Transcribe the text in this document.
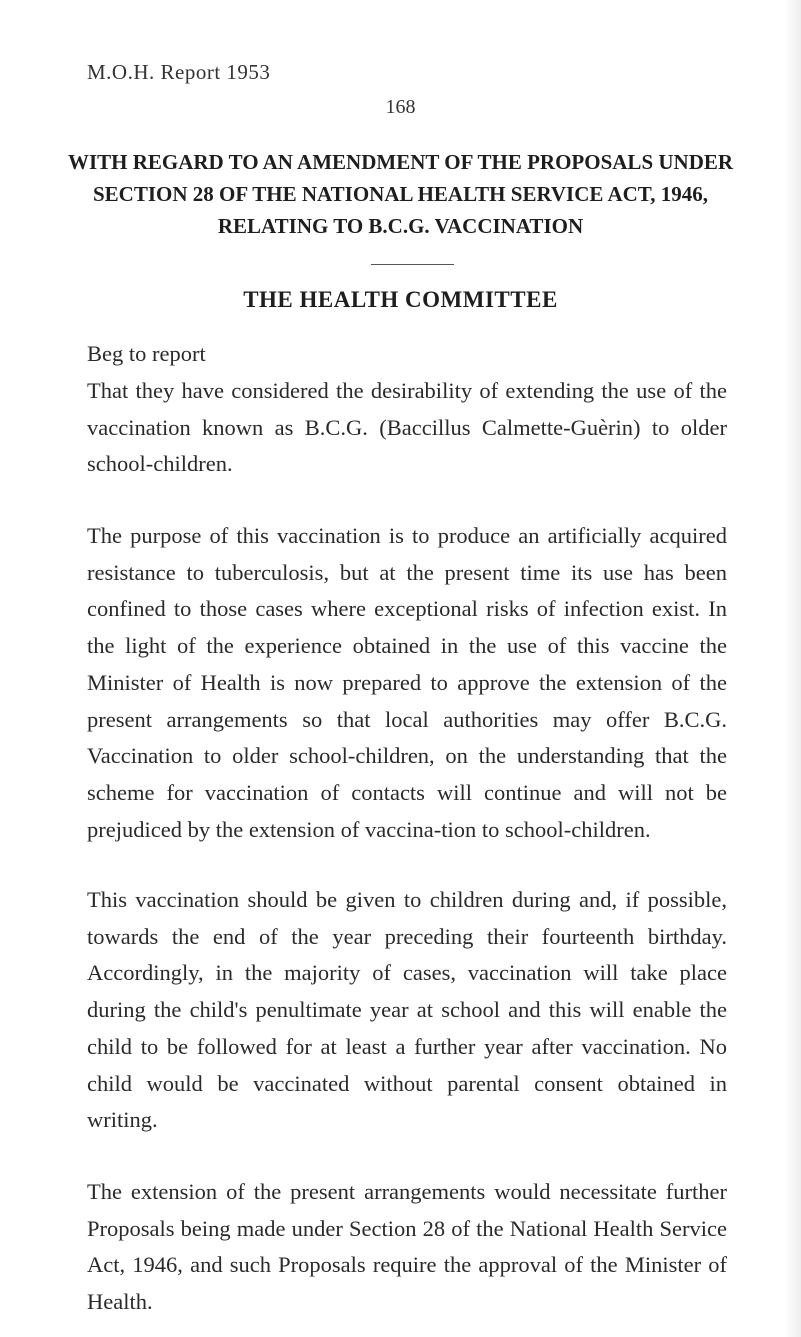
M.O.H. Report 1953
168
WITH REGARD TO AN AMENDMENT OF THE PROPOSALS UNDER SECTION 28 OF THE NATIONAL HEALTH SERVICE ACT, 1946, RELATING TO B.C.G. VACCINATION
THE HEALTH COMMITTEE

Beg to report

That they have considered the desirability of extending the use of the vaccination known as B.C.G. (Baccillus Calmette-Guèrin) to older school-children.

The purpose of this vaccination is to produce an artificially acquired resistance to tuberculosis, but at the present time its use has been confined to those cases where exceptional risks of infection exist. In the light of the experience obtained in the use of this vaccine the Minister of Health is now prepared to approve the extension of the present arrangements so that local authorities may offer B.C.G. Vaccination to older school-children, on the understanding that the scheme for vaccination of contacts will continue and will not be prejudiced by the extension of vaccina-tion to school-children.

This vaccination should be given to children during and, if possible, towards the end of the year preceding their fourteenth birthday. Accordingly, in the majority of cases, vaccination will take place during the child's penultimate year at school and this will enable the child to be followed for at least a further year after vaccination. No child would be vaccinated without parental consent obtained in writing.

The extension of the present arrangements would necessitate further Proposals being made under Section 28 of the National Health Service Act, 1946, and such Proposals require the approval of the Minister of Health.
